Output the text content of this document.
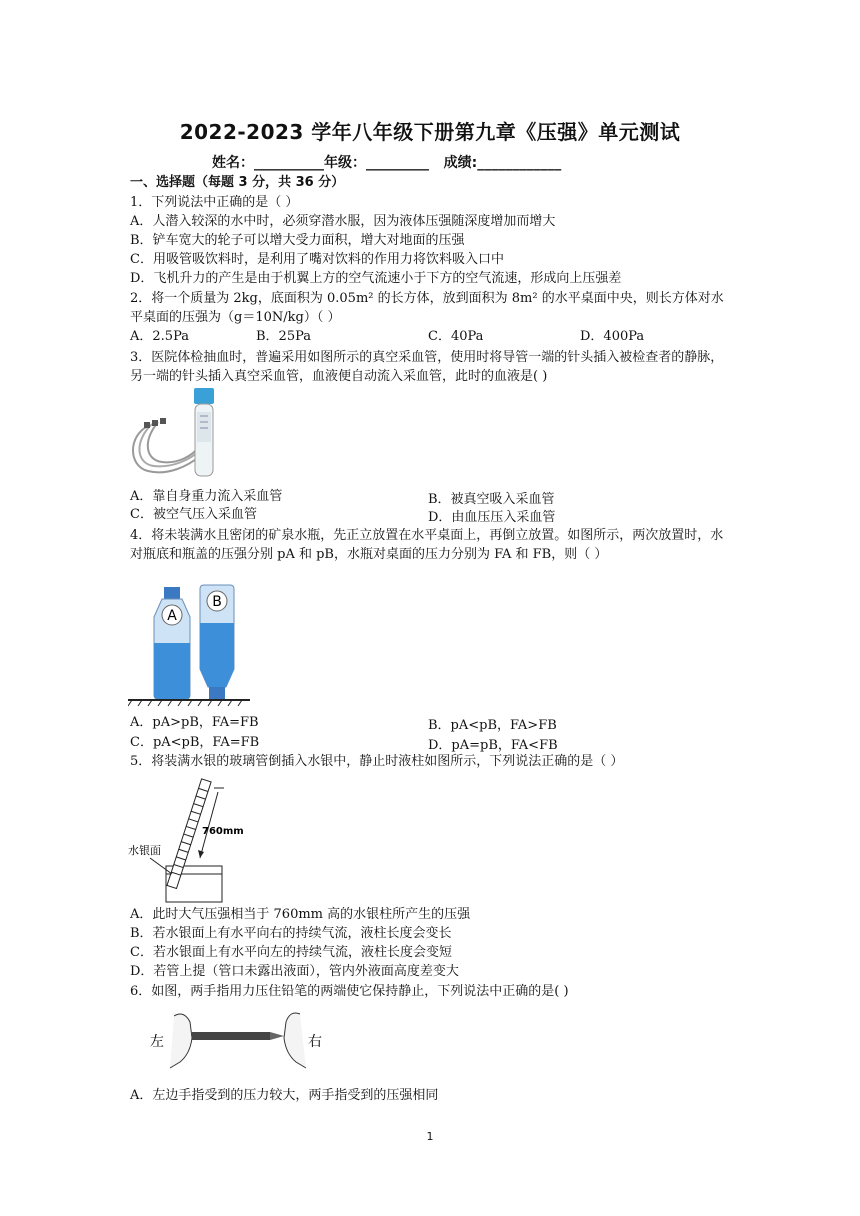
2022-2023 学年八年级下册第九章《压强》单元测试
姓名：__________年级：_________   成绩:____________
一、选择题（每题 3 分，共 36 分）
1．下列说法中正确的是（ ）
A．人潜入较深的水中时，必须穿潜水服，因为液体压强随深度增加而增大
B．铲车宽大的轮子可以增大受力面积，增大对地面的压强
C．用吸管吸饮料时，是利用了嘴对饮料的作用力将饮料吸入口中
D．飞机升力的产生是由于机翼上方的空气流速小于下方的空气流速，形成向上压强差
2．将一个质量为 2kg，底面积为 0.05m² 的长方体，放到面积为 8m² 的水平桌面中央，则长方体对水平桌面的压强为（g＝10N/kg）（ ）
A．2.5Pa	B．25Pa	C．40Pa	D．400Pa
3．医院体检抽血时，普遍采用如图所示的真空采血管，使用时将导管一端的针头插入被检查者的静脉，另一端的针头插入真空采血管，血液便自动流入采血管，此时的血液是( )
A．靠自身重力流入采血管	B．被真空吸入采血管
C．被空气压入采血管	D．由血压压入采血管
4．将未装满水且密闭的矿泉水瓶，先正立放置在水平桌面上，再倒立放置。如图所示，两次放置时，水对瓶底和瓶盖的压强分别 pA 和 pB，水瓶对桌面的压力分别为 FA 和 FB，则（ ）
A
B
A．pA>pB，FA=FB	B．pA<pB，FA>FB
C．pA<pB，FA=FB	D．pA=pB，FA<FB
5．将装满水银的玻璃管倒插入水银中，静止时液柱如图所示，下列说法正确的是（ ）
760mm
水银面
A．此时大气压强相当于 760mm 高的水银柱所产生的压强
B．若水银面上有水平向右的持续气流，液柱长度会变长
C．若水银面上有水平向左的持续气流，液柱长度会变短
D．若管上提（管口未露出液面），管内外液面高度差变大
6．如图，两手指用力压住铅笔的两端使它保持静止，下列说法中正确的是( )
左	右
A．左边手指受到的压力较大，两手指受到的压强相同
1
